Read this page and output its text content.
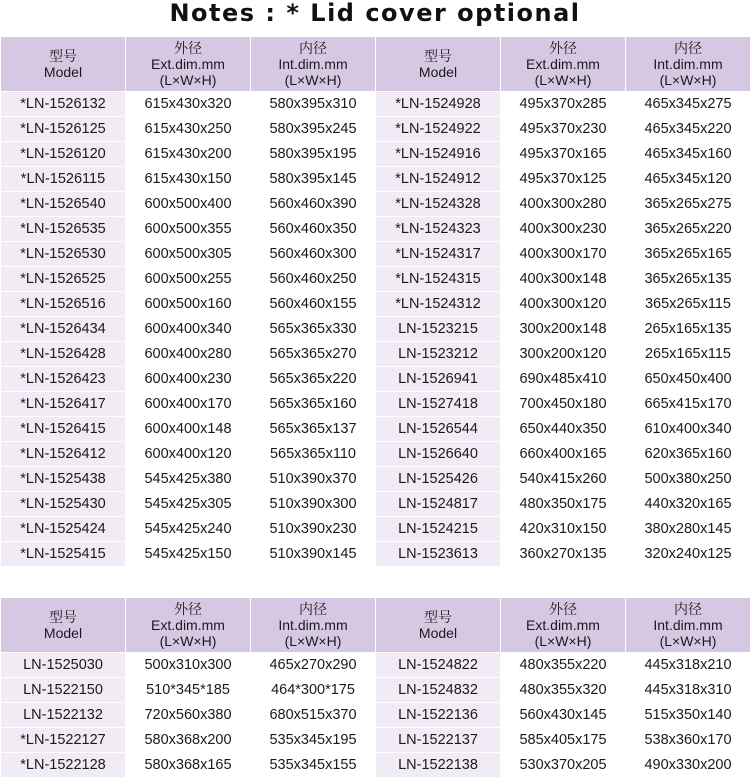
Notes : * Lid cover optional
型号
Model	外径
Ext.dim.mm
(L×W×H)	内径
Int.dim.mm
(L×W×H)	型号
Model	外径
Ext.dim.mm
(L×W×H)	内径
Int.dim.mm
(L×W×H)

*LN-1526132	615x430x320	580x395x310	*LN-1524928	495x370x285	465x345x275
*LN-1526125	615x430x250	580x395x245	*LN-1524922	495x370x230	465x345x220
*LN-1526120	615x430x200	580x395x195	*LN-1524916	495x370x165	465x345x160
*LN-1526115	615x430x150	580x395x145	*LN-1524912	495x370x125	465x345x120
*LN-1526540	600x500x400	560x460x390	*LN-1524328	400x300x280	365x265x275
*LN-1526535	600x500x355	560x460x350	*LN-1524323	400x300x230	365x265x220
*LN-1526530	600x500x305	560x460x300	*LN-1524317	400x300x170	365x265x165
*LN-1526525	600x500x255	560x460x250	*LN-1524315	400x300x148	365x265x135
*LN-1526516	600x500x160	560x460x155	*LN-1524312	400x300x120	365x265x115
*LN-1526434	600x400x340	565x365x330	LN-1523215	300x200x148	265x165x135
*LN-1526428	600x400x280	565x365x270	LN-1523212	300x200x120	265x165x115
*LN-1526423	600x400x230	565x365x220	LN-1526941	690x485x410	650x450x400
*LN-1526417	600x400x170	565x365x160	LN-1527418	700x450x180	665x415x170
*LN-1526415	600x400x148	565x365x137	LN-1526544	650x440x350	610x400x340
*LN-1526412	600x400x120	565x365x110	LN-1526640	660x400x165	620x365x160
*LN-1525438	545x425x380	510x390x370	LN-1525426	540x415x260	500x380x250
*LN-1525430	545x425x305	510x390x300	LN-1524817	480x350x175	440x320x165
*LN-1525424	545x425x240	510x390x230	LN-1524215	420x310x150	380x280x145
*LN-1525415	545x425x150	510x390x145	LN-1523613	360x270x135	320x240x125
型号
Model	外径
Ext.dim.mm
(L×W×H)	内径
Int.dim.mm
(L×W×H)	型号
Model	外径
Ext.dim.mm
(L×W×H)	内径
Int.dim.mm
(L×W×H)

LN-1525030	500x310x300	465x270x290	LN-1524822	480x355x220	445x318x210
LN-1522150	510*345*185	464*300*175	LN-1524832	480x355x320	445x318x310
LN-1522132	720x560x380	680x515x370	LN-1522136	560x430x145	515x350x140
*LN-1522127	580x368x200	535x345x195	LN-1522137	585x405x175	538x360x170
*LN-1522128	580x368x165	535x345x155	LN-1522138	530x370x205	490x330x200
